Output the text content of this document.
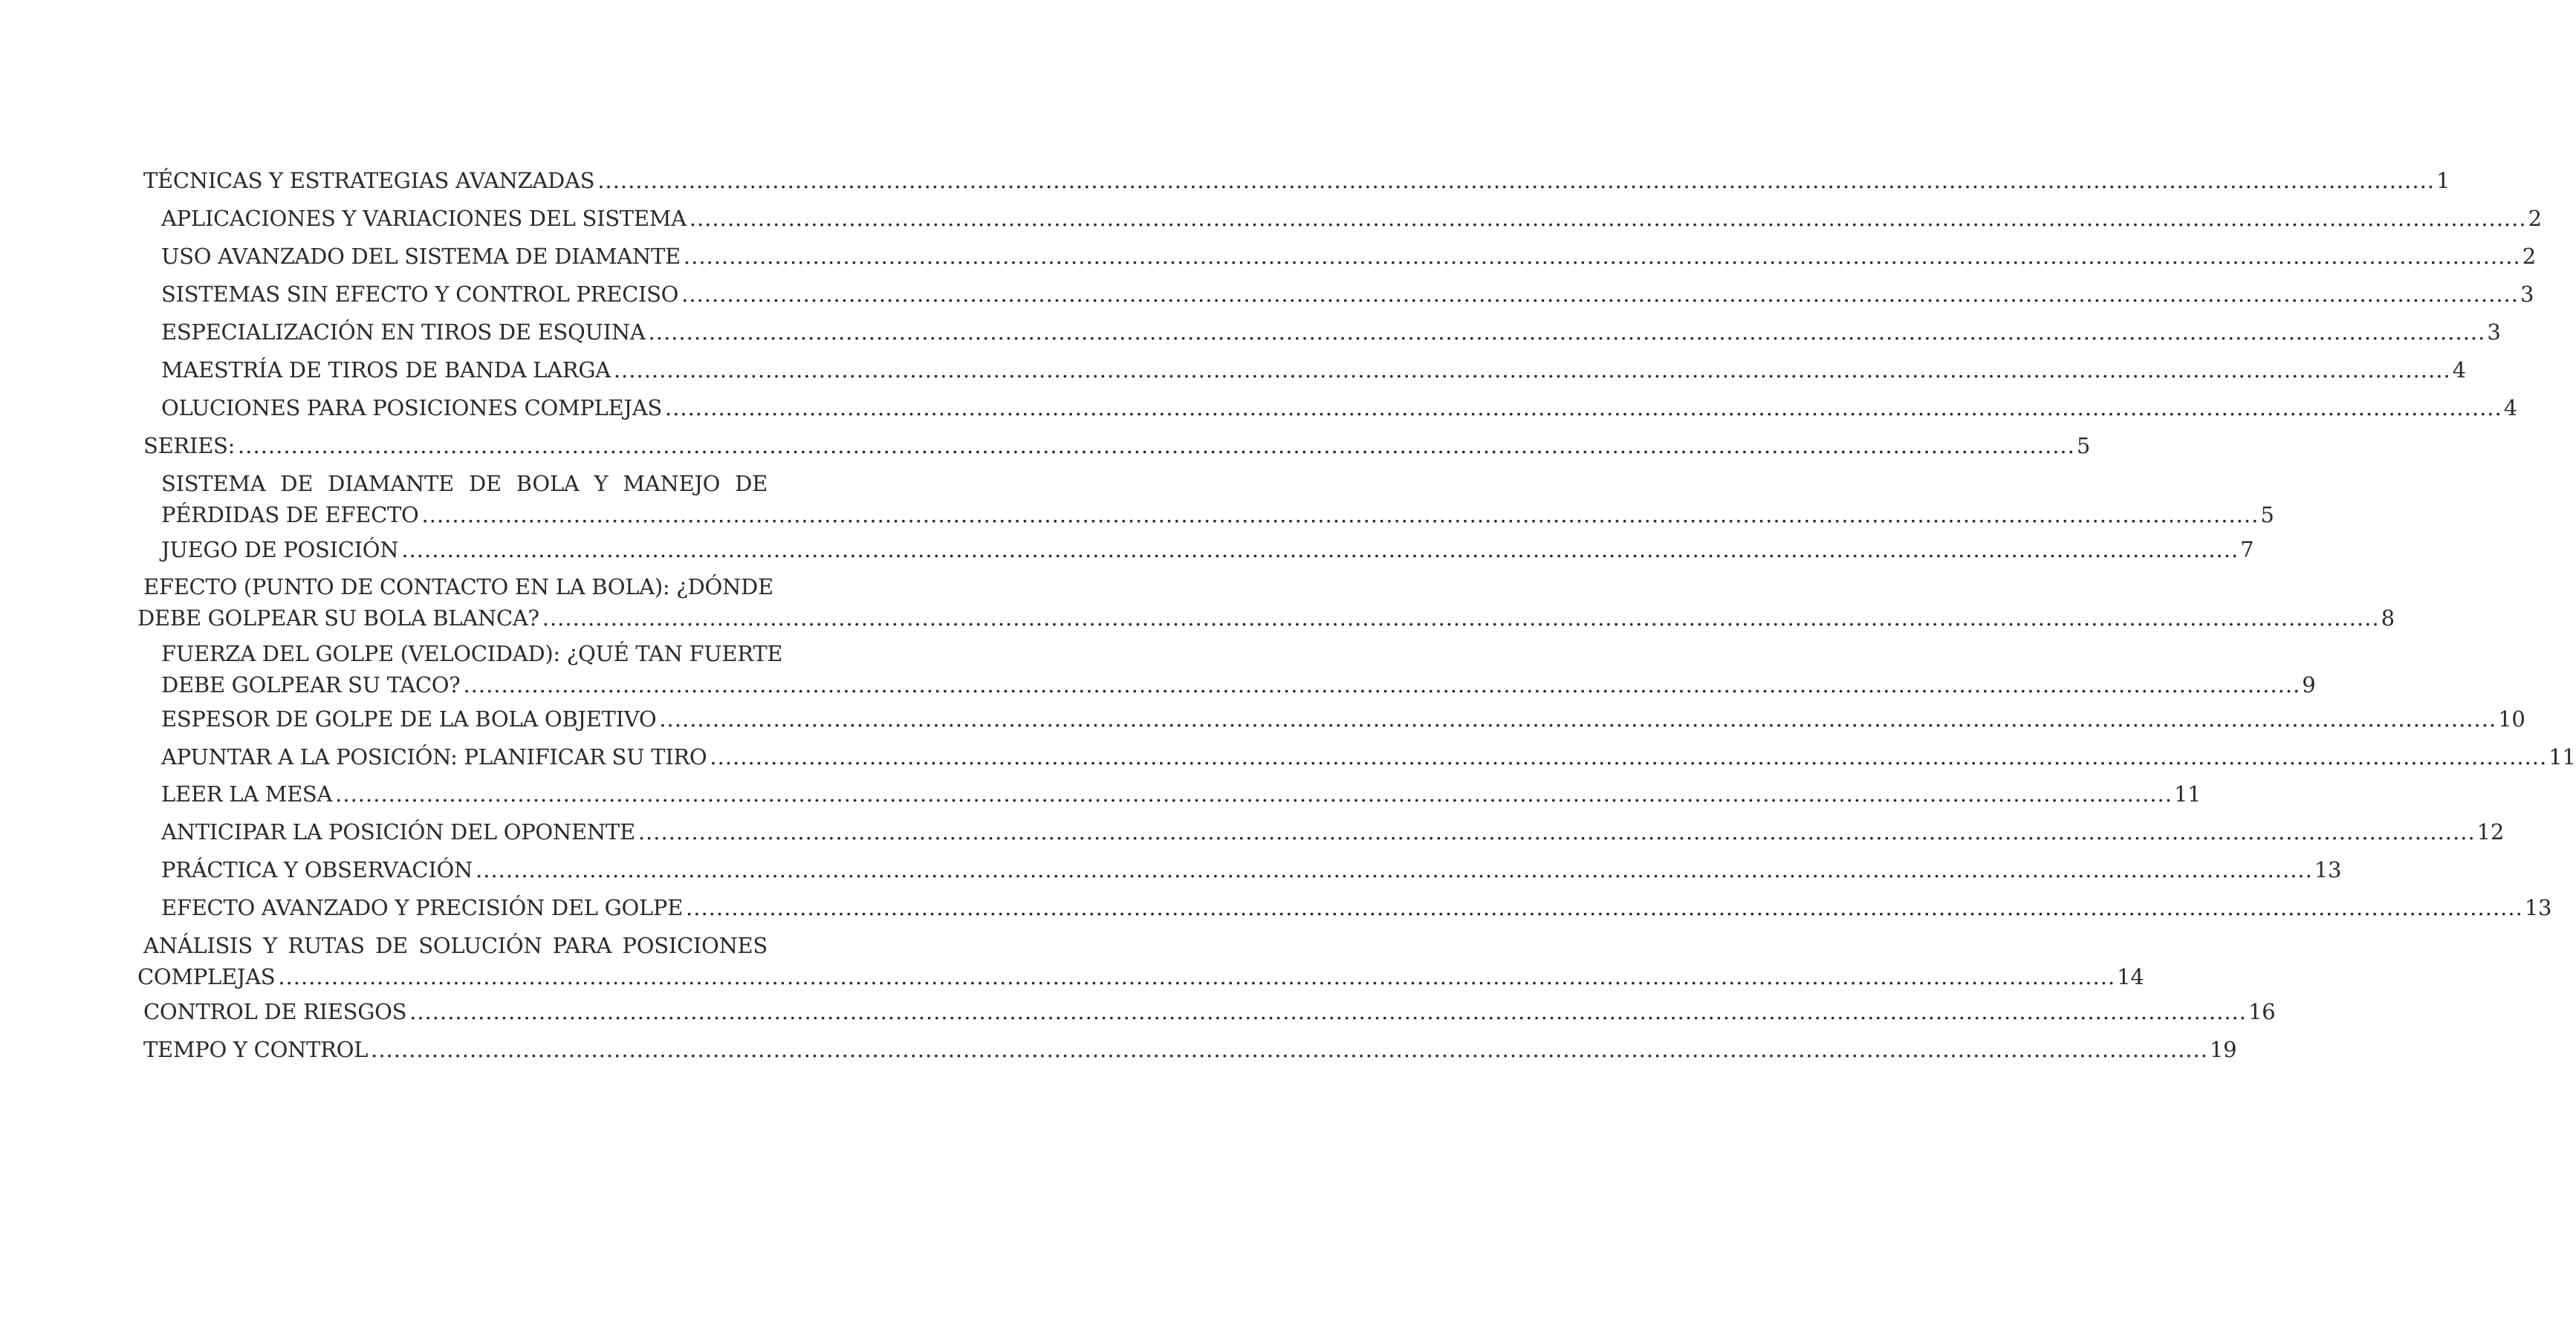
TÉCNICAS Y ESTRATEGIAS AVANZADAS .....	1
APLICACIONES Y VARIACIONES DEL SISTEMA .....	2
USO AVANZADO DEL SISTEMA DE DIAMANTE .....	2
SISTEMAS SIN EFECTO Y CONTROL PRECISO .....	3
ESPECIALIZACIÓN EN TIROS DE ESQUINA .....	3
MAESTRÍA DE TIROS DE BANDA LARGA .....	4
OLUCIONES PARA POSICIONES COMPLEJAS .....	4
SERIES: .....	5
SISTEMA DE DIAMANTE DE BOLA Y MANEJO DE
PÉRDIDAS DE EFECTO .....	5
JUEGO DE POSICIÓN .....	7
EFECTO (PUNTO DE CONTACTO EN LA BOLA): ¿DÓNDE
DEBE GOLPEAR SU BOLA BLANCA? .....	8
FUERZA DEL GOLPE (VELOCIDAD): ¿QUÉ TAN FUERTE
DEBE GOLPEAR SU TACO? .....	9
ESPESOR DE GOLPE DE LA BOLA OBJETIVO .....	10
APUNTAR A LA POSICIÓN: PLANIFICAR SU TIRO .....	11
LEER LA MESA .....	11
ANTICIPAR LA POSICIÓN DEL OPONENTE .....	12
PRÁCTICA Y OBSERVACIÓN .....	13
EFECTO AVANZADO Y PRECISIÓN DEL GOLPE .....	13
ANÁLISIS Y RUTAS DE SOLUCIÓN PARA POSICIONES
COMPLEJAS .....	14
CONTROL DE RIESGOS .....	16
TEMPO Y CONTROL .....	19
